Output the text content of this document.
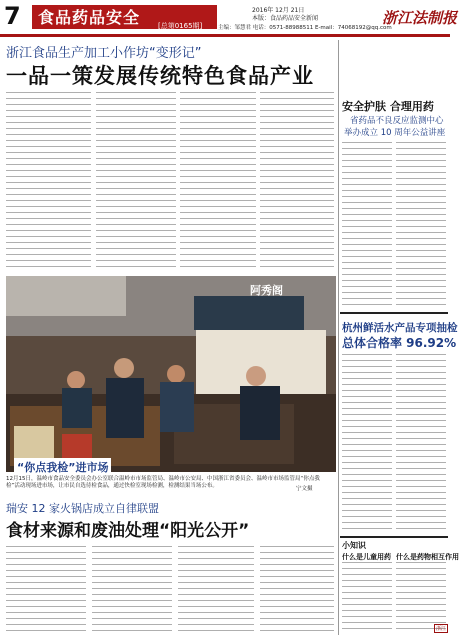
7	食品药品安全	[总第0165期]
2016年 12月 21日
本版：食品药品安全新闻
主编：邹慧君 电话：0571-88988511 E-mail：74068192@qq.com
浙江法制报
浙江食品生产加工小作坊“变形记”
一品一策发展传统特色食品产业
安全护肤 合理用药
省药品不良反应监测中心
举办成立 10 周年公益讲座
杭州鲜活水产品专项抽检
总体合格率 96.92%
阿秀阁
“你点我检”进市场
12月15日，温岭市食品安全委员会办公室联合温岭市市场监管局、温岭市公安局、中国浙江省委员会、温岭市市场监管局“你点我检”活动现场进市场，让市民自选待检食品，通过快检室现场检测，检测结果当场公布。	宁文摄
瑞安 12 家火锅店成立自律联盟
食材来源和废油处理“阳光公开”
小知识
什么是儿童用药 什么是药物相互作用
浙江
